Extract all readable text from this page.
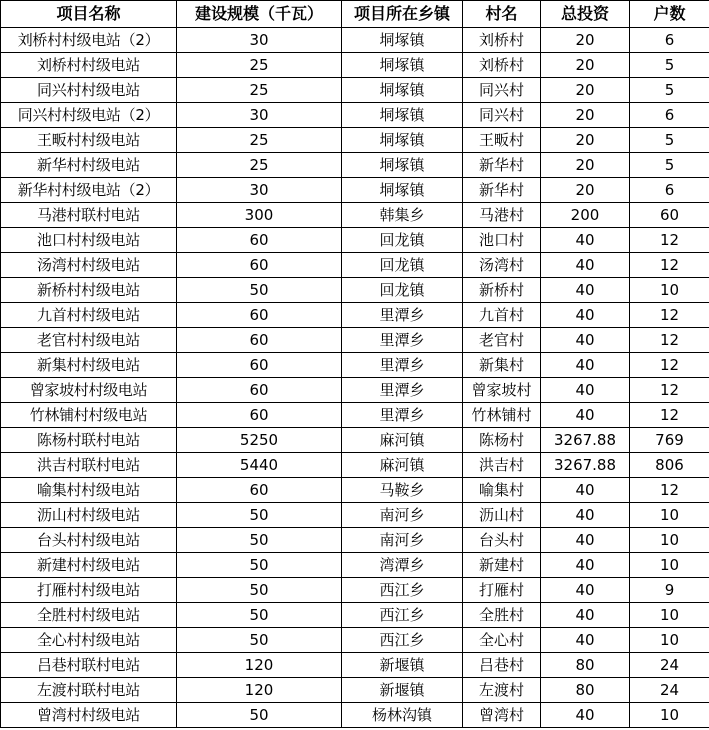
项目名称	建设规模（千瓦）	项目所在乡镇	村名	总投资	户数
刘桥村村级电站（2）	30	垌塚镇	刘桥村	20	6
刘桥村村级电站	25	垌塚镇	刘桥村	20	5
同兴村村级电站	25	垌塚镇	同兴村	20	5
同兴村村级电站（2）	30	垌塚镇	同兴村	20	6
王畈村村级电站	25	垌塚镇	王畈村	20	5
新华村村级电站	25	垌塚镇	新华村	20	5
新华村村级电站（2）	30	垌塚镇	新华村	20	6
马港村联村电站	300	韩集乡	马港村	200	60
池口村村级电站	60	回龙镇	池口村	40	12
汤湾村村级电站	60	回龙镇	汤湾村	40	12
新桥村村级电站	50	回龙镇	新桥村	40	10
九首村村级电站	60	里潭乡	九首村	40	12
老官村村级电站	60	里潭乡	老官村	40	12
新集村村级电站	60	里潭乡	新集村	40	12
曾家坡村村级电站	60	里潭乡	曾家坡村	40	12
竹林铺村村级电站	60	里潭乡	竹林铺村	40	12
陈杨村联村电站	5250	麻河镇	陈杨村	3267.88	769
洪吉村联村电站	5440	麻河镇	洪吉村	3267.88	806
喻集村村级电站	60	马鞍乡	喻集村	40	12
沥山村村级电站	50	南河乡	沥山村	40	10
台头村村级电站	50	南河乡	台头村	40	10
新建村村级电站	50	湾潭乡	新建村	40	10
打雁村村级电站	50	西江乡	打雁村	40	9
全胜村村级电站	50	西江乡	全胜村	40	10
全心村村级电站	50	西江乡	全心村	40	10
吕巷村联村电站	120	新堰镇	吕巷村	80	24
左渡村联村电站	120	新堰镇	左渡村	80	24
曾湾村村级电站	50	杨林沟镇	曾湾村	40	10
